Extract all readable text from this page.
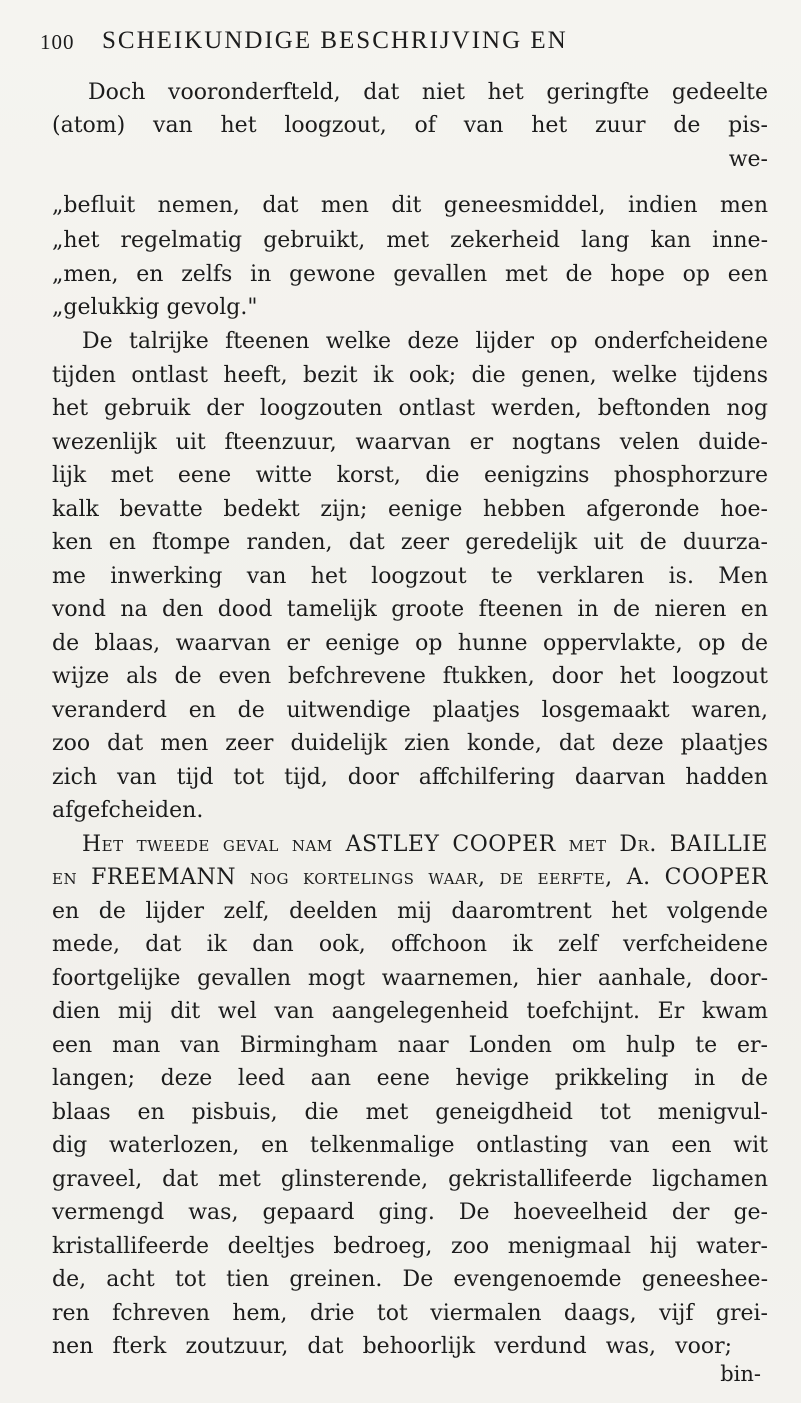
100 SCHEIKUNDIGE BESCHRIJVING EN
Doch vooronderfteld, dat niet het geringfte gedeelte
(atom) van het loogzout, of van het zuur de pis-
we-
„befluit nemen, dat men dit geneesmiddel, indien men
„het regelmatig gebruikt, met zekerheid lang kan inne-
„men, en zelfs in gewone gevallen met de hope op een
„gelukkig gevolg."
De talrijke fteenen welke deze lijder op onderfcheidene
tijden ontlast heeft, bezit ik ook; die genen, welke tijdens
het gebruik der loogzouten ontlast werden, beftonden nog
wezenlijk uit fteenzuur, waarvan er nogtans velen duide-
lijk met eene witte korst, die eenigzins phosphorzure
kalk bevatte bedekt zijn; eenige hebben afgeronde hoe-
ken en ftompe randen, dat zeer geredelijk uit de duurza-
me inwerking van het loogzout te verklaren is. Men
vond na den dood tamelijk groote fteenen in de nieren en
de blaas, waarvan er eenige op hunne oppervlakte, op de
wijze als de even befchrevene ftukken, door het loogzout
veranderd en de uitwendige plaatjes losgemaakt waren,
zoo dat men zeer duidelijk zien konde, dat deze plaatjes
zich van tijd tot tijd, door affchilfering daarvan hadden
afgefcheiden.
Het tweede geval nam ASTLEY COOPER met Dr. BAILLIE
en FREEMANN nog kortelings waar, de eerfte, A. COOPER
en de lijder zelf, deelden mij daaromtrent het volgende
mede, dat ik dan ook, offchoon ik zelf verfcheidene
foortgelijke gevallen mogt waarnemen, hier aanhale, door-
dien mij dit wel van aangelegenheid toefchijnt. Er kwam
een man van Birmingham naar Londen om hulp te er-
langen; deze leed aan eene hevige prikkeling in de
blaas en pisbuis, die met geneigdheid tot menigvul-
dig waterlozen, en telkenmalige ontlasting van een wit
graveel, dat met glinsterende, gekristallifeerde ligchamen
vermengd was, gepaard ging. De hoeveelheid der ge-
kristallifeerde deeltjes bedroeg, zoo menigmaal hij water-
de, acht tot tien greinen. De evengenoemde geneeshee-
ren fchreven hem, drie tot viermalen daags, vijf grei-
nen fterk zoutzuur, dat behoorlijk verdund was, voor;
bin-
